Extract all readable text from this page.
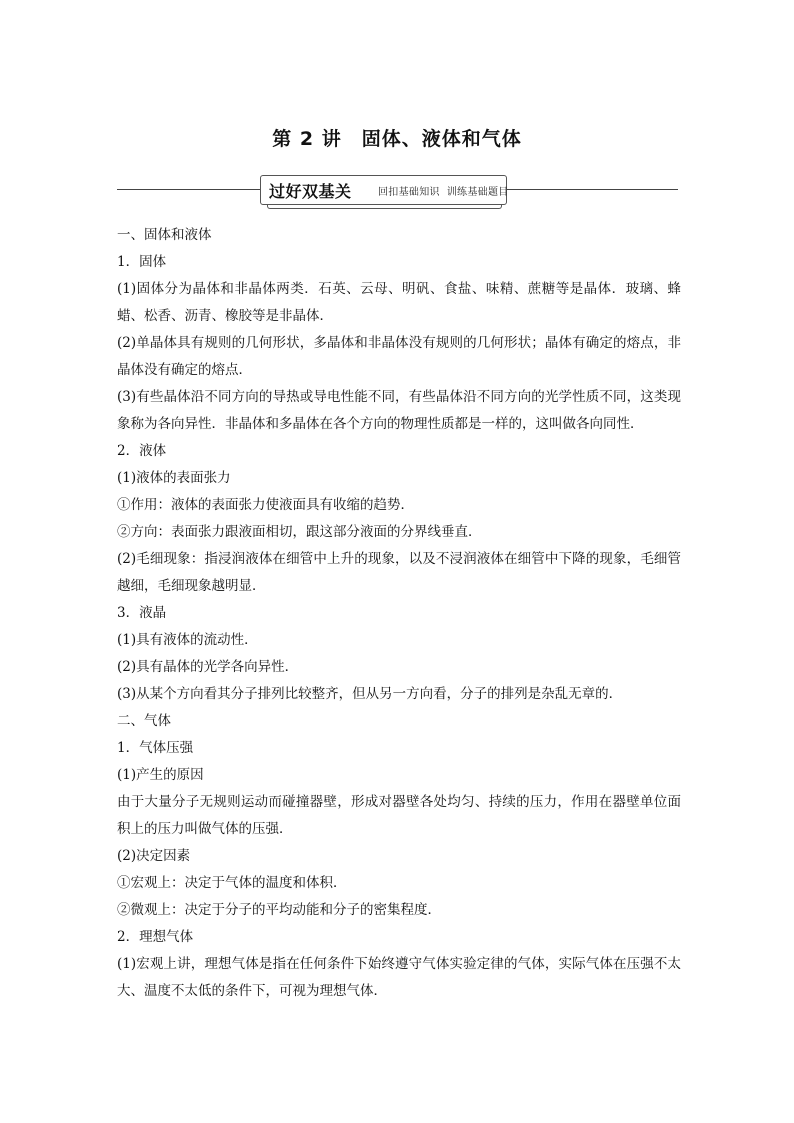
第 2 讲　固体、液体和气体
过好双基关	回扣基础知识  训练基础题目

一、固体和液体

1．固体

(1)固体分为晶体和非晶体两类．石英、云母、明矾、食盐、味精、蔗糖等是晶体．玻璃、蜂蜡、松香、沥青、橡胶等是非晶体．

(2)单晶体具有规则的几何形状，多晶体和非晶体没有规则的几何形状；晶体有确定的熔点，非晶体没有确定的熔点．

(3)有些晶体沿不同方向的导热或导电性能不同，有些晶体沿不同方向的光学性质不同，这类现象称为各向异性．非晶体和多晶体在各个方向的物理性质都是一样的，这叫做各向同性．

2．液体

(1)液体的表面张力

①作用：液体的表面张力使液面具有收缩的趋势．

②方向：表面张力跟液面相切，跟这部分液面的分界线垂直．

(2)毛细现象：指浸润液体在细管中上升的现象，以及不浸润液体在细管中下降的现象，毛细管越细，毛细现象越明显．

3．液晶

(1)具有液体的流动性．

(2)具有晶体的光学各向异性．

(3)从某个方向看其分子排列比较整齐，但从另一方向看，分子的排列是杂乱无章的．

二、气体

1．气体压强

(1)产生的原因

由于大量分子无规则运动而碰撞器壁，形成对器壁各处均匀、持续的压力，作用在器壁单位面积上的压力叫做气体的压强．

(2)决定因素

①宏观上：决定于气体的温度和体积．

②微观上：决定于分子的平均动能和分子的密集程度．

2．理想气体

(1)宏观上讲，理想气体是指在任何条件下始终遵守气体实验定律的气体，实际气体在压强不太大、温度不太低的条件下，可视为理想气体．
